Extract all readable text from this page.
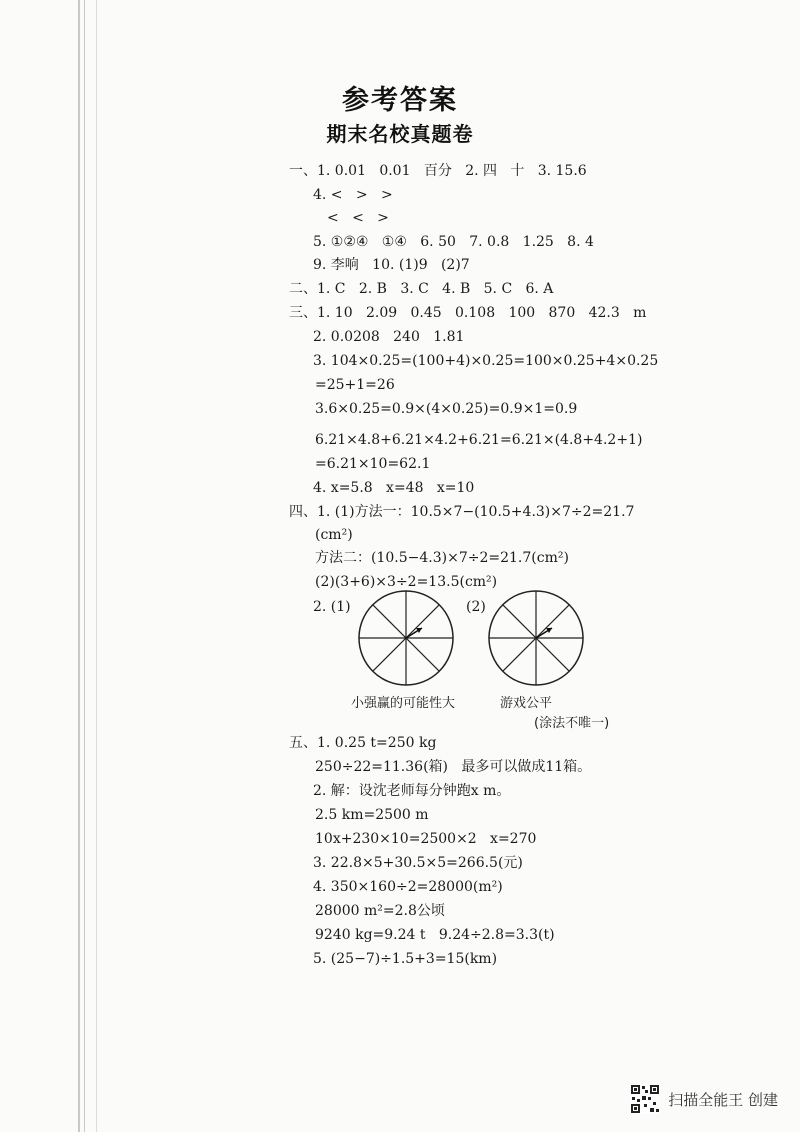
参考答案
期末名校真题卷
一、1. 0.01   0.01   百分   2. 四   十   3. 15.6
4. <   >   >
<   <   >
5. ①②④   ①④   6. 50   7. 0.8   1.25   8. 4
9. 李响   10. (1)9   (2)7
二、1. C   2. B   3. C   4. B   5. C   6. A
三、1. 10   2.09   0.45   0.108   100   870   42.3   m
2. 0.0208   240   1.81
3. 104×0.25=(100+4)×0.25=100×0.25+4×0.25
=25+1=26
3.6×0.25=0.9×(4×0.25)=0.9×1=0.9
6.21×4.8+6.21×4.2+6.21=6.21×(4.8+4.2+1)
=6.21×10=62.1
4. x=5.8   x=48   x=10
四、1. (1)方法一：10.5×7−(10.5+4.3)×7÷2=21.7
(cm²)
方法二：(10.5−4.3)×7÷2=21.7(cm²)
(2)(3+6)×3÷2=13.5(cm²)
2. (1)	(2)
小强赢的可能性大	游戏公平
(涂法不唯一)
五、1. 0.25 t=250 kg
250÷22=11.36(箱)   最多可以做成11箱。
2. 解：设沈老师每分钟跑x m。
2.5 km=2500 m
10x+230×10=2500×2   x=270
3. 22.8×5+30.5×5=266.5(元)
4. 350×160÷2=28000(m²)
28000 m²=2.8公顷
9240 kg=9.24 t   9.24÷2.8=3.3(t)
5. (25−7)÷1.5+3=15(km)
扫描全能王 创建
